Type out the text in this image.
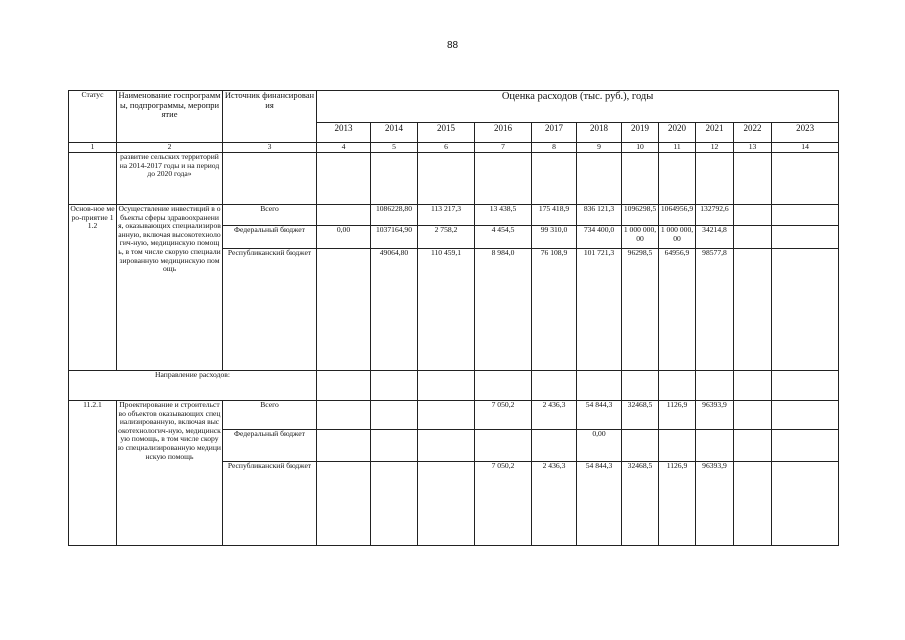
88
Статус	Наименование госпрограммы, подпрограммы, мероприятие	Источник финансирования	Оценка расходов (тыс. руб.), годы										
			2013	2014	2015	2016	2017	2018	2019	2020	2021	2022	2023
1	2	3	4	5	6	7	8	9	10	11	12	13	14
	развитие сельских территорий на 2014-2017 годы и на период до 2020 года»												
Основ-ное меро-приятие 11.2	Осуществление инвестиций в объекты сферы здравоохранения, оказывающих специализированную, включая высокотехнологич-ную, медицинскую помощь, в том числе скорую специализированную медицинскую помощь	Всего		1086228,80	113 217,3	13 438,5	175 418,9	836 121,3	1096298,5	1064956,9	132792,6		
		Федеральный бюджет	0,00	1037164,90	2 758,2	4 454,5	99 310,0	734 400,0	1 000 000,00	1 000 000,00	34214,8		
		Республиканский бюджет		49064,80	110 459,1	8 984,0	76 108,9	101 721,3	96298,5	64956,9	98577,8		
Направление расходов:													
11.2.1	Проектирование и строительство объектов оказывающих специализированную, включая высокотехнологич-ную, медицинскую помощь, в том числе скорую специализированную медицинскую помощь	Всего				7 050,2	2 436,3	54 844,3	32468,5	1126,9	96393,9		
		Федеральный бюджет						0,00					
		Республиканский бюджет				7 050,2	2 436,3	54 844,3	32468,5	1126,9	96393,9		
